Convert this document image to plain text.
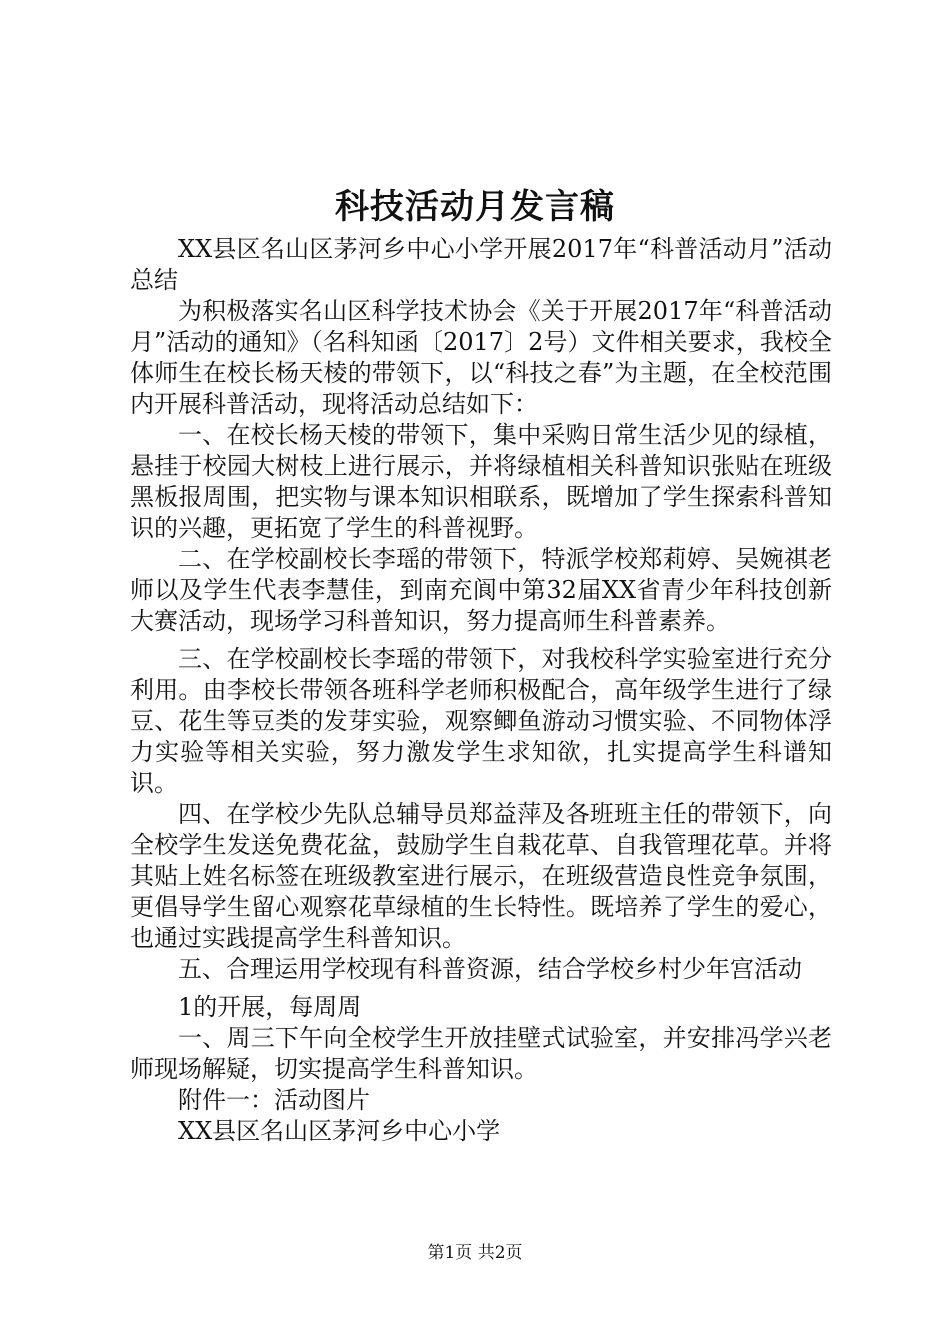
科技活动月发言稿

XX县区名山区茅河乡中心小学开展2017年“科普活动月”活动总结

为积极落实名山区科学技术协会《关于开展2017年“科普活动月”活动的通知》（名科知函〔2017〕2号）文件相关要求，我校全体师生在校长杨天棱的带领下，以“科技之春”为主题，在全校范围内开展科普活动，现将活动总结如下：

一、在校长杨天棱的带领下，集中采购日常生活少见的绿植，悬挂于校园大树枝上进行展示，并将绿植相关科普知识张贴在班级黑板报周围，把实物与课本知识相联系，既增加了学生探索科普知识的兴趣，更拓宽了学生的科普视野。

二、在学校副校长李瑶的带领下，特派学校郑莉婷、吴婉祺老师以及学生代表李慧佳，到南充阆中第32届XX省青少年科技创新大赛活动，现场学习科普知识，努力提高师生科普素养。

三、在学校副校长李瑶的带领下，对我校科学实验室进行充分利用。由李校长带领各班科学老师积极配合，高年级学生进行了绿豆、花生等豆类的发芽实验，观察鲫鱼游动习惯实验、不同物体浮力实验等相关实验，努力激发学生求知欲，扎实提高学生科谱知识。

四、在学校少先队总辅导员郑益萍及各班班主任的带领下，向全校学生发送免费花盆，鼓励学生自栽花草、自我管理花草。并将其贴上姓名标签在班级教室进行展示，在班级营造良性竞争氛围，更倡导学生留心观察花草绿植的生长特性。既培养了学生的爱心，也通过实践提高学生科普知识。

五、合理运用学校现有科普资源，结合学校乡村少年宫活动

1的开展，每周周

一、周三下午向全校学生开放挂壁式试验室，并安排冯学兴老师现场解疑，切实提高学生科普知识。

附件一：活动图片

XX县区名山区茅河乡中心小学

第1页 共2页
